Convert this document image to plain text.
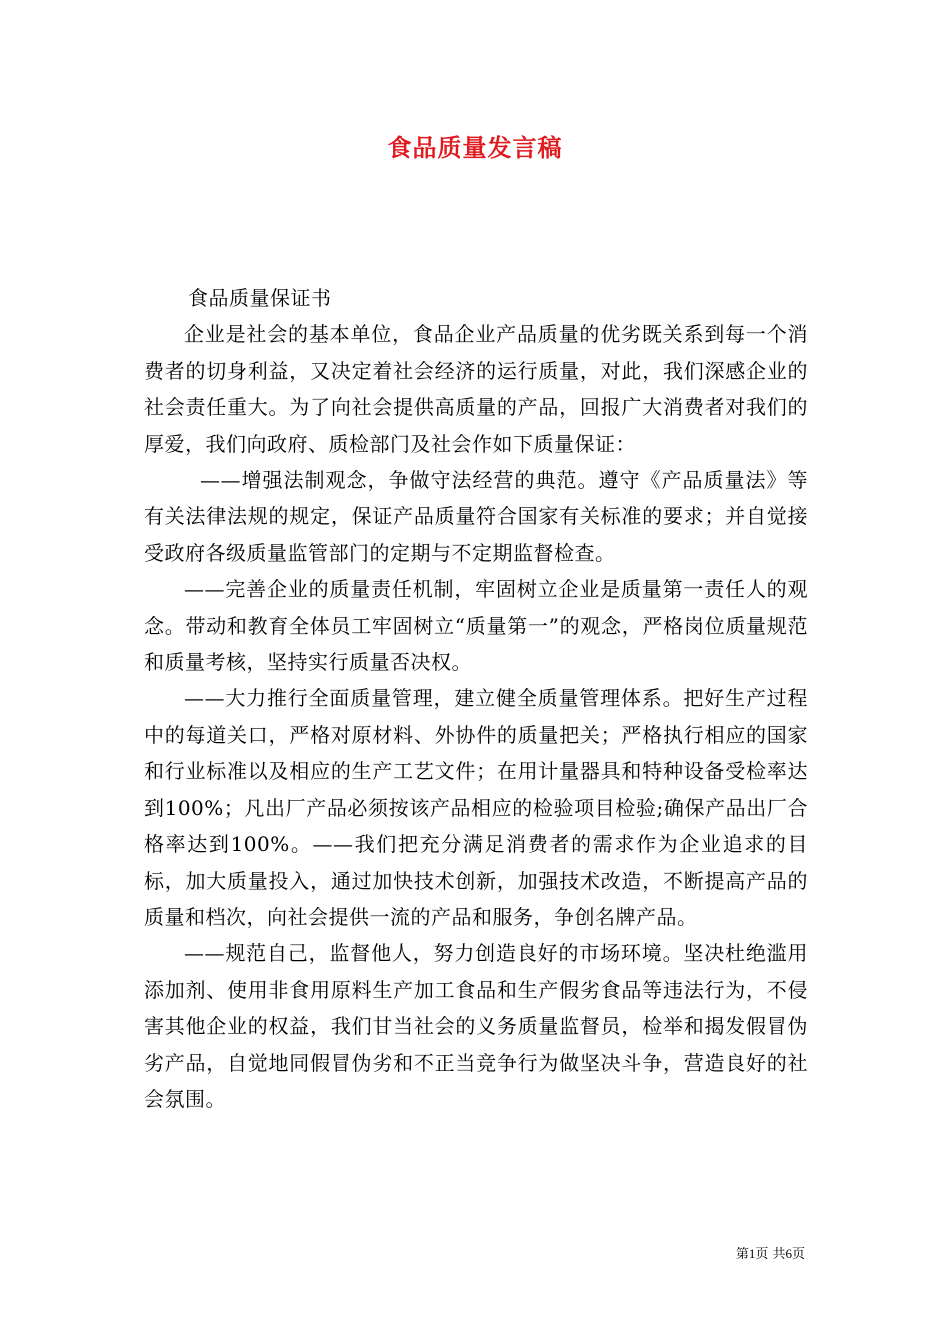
食品质量发言稿

食品质量保证书

企业是社会的基本单位，食品企业产品质量的优劣既关系到每一个消费者的切身利益，又决定着社会经济的运行质量，对此，我们深感企业的社会责任重大。为了向社会提供高质量的产品，回报广大消费者对我们的厚爱，我们向政府、质检部门及社会作如下质量保证：

——增强法制观念，争做守法经营的典范。遵守《产品质量法》等有关法律法规的规定，保证产品质量符合国家有关标准的要求；并自觉接受政府各级质量监管部门的定期与不定期监督检查。

——完善企业的质量责任机制，牢固树立企业是质量第一责任人的观念。带动和教育全体员工牢固树立“质量第一”的观念，严格岗位质量规范和质量考核，坚持实行质量否决权。

——大力推行全面质量管理，建立健全质量管理体系。把好生产过程中的每道关口，严格对原材料、外协件的质量把关；严格执行相应的国家和行业标准以及相应的生产工艺文件；在用计量器具和特种设备受检率达到100%；凡出厂产品必须按该产品相应的检验项目检验;确保产品出厂合格率达到100%。——我们把充分满足消费者的需求作为企业追求的目标，加大质量投入，通过加快技术创新，加强技术改造，不断提高产品的质量和档次，向社会提供一流的产品和服务，争创名牌产品。

——规范自己，监督他人，努力创造良好的市场环境。坚决杜绝滥用添加剂、使用非食用原料生产加工食品和生产假劣食品等违法行为，不侵害其他企业的权益，我们甘当社会的义务质量监督员，检举和揭发假冒伪劣产品，自觉地同假冒伪劣和不正当竞争行为做坚决斗争，营造良好的社会氛围。

第1页 共6页
